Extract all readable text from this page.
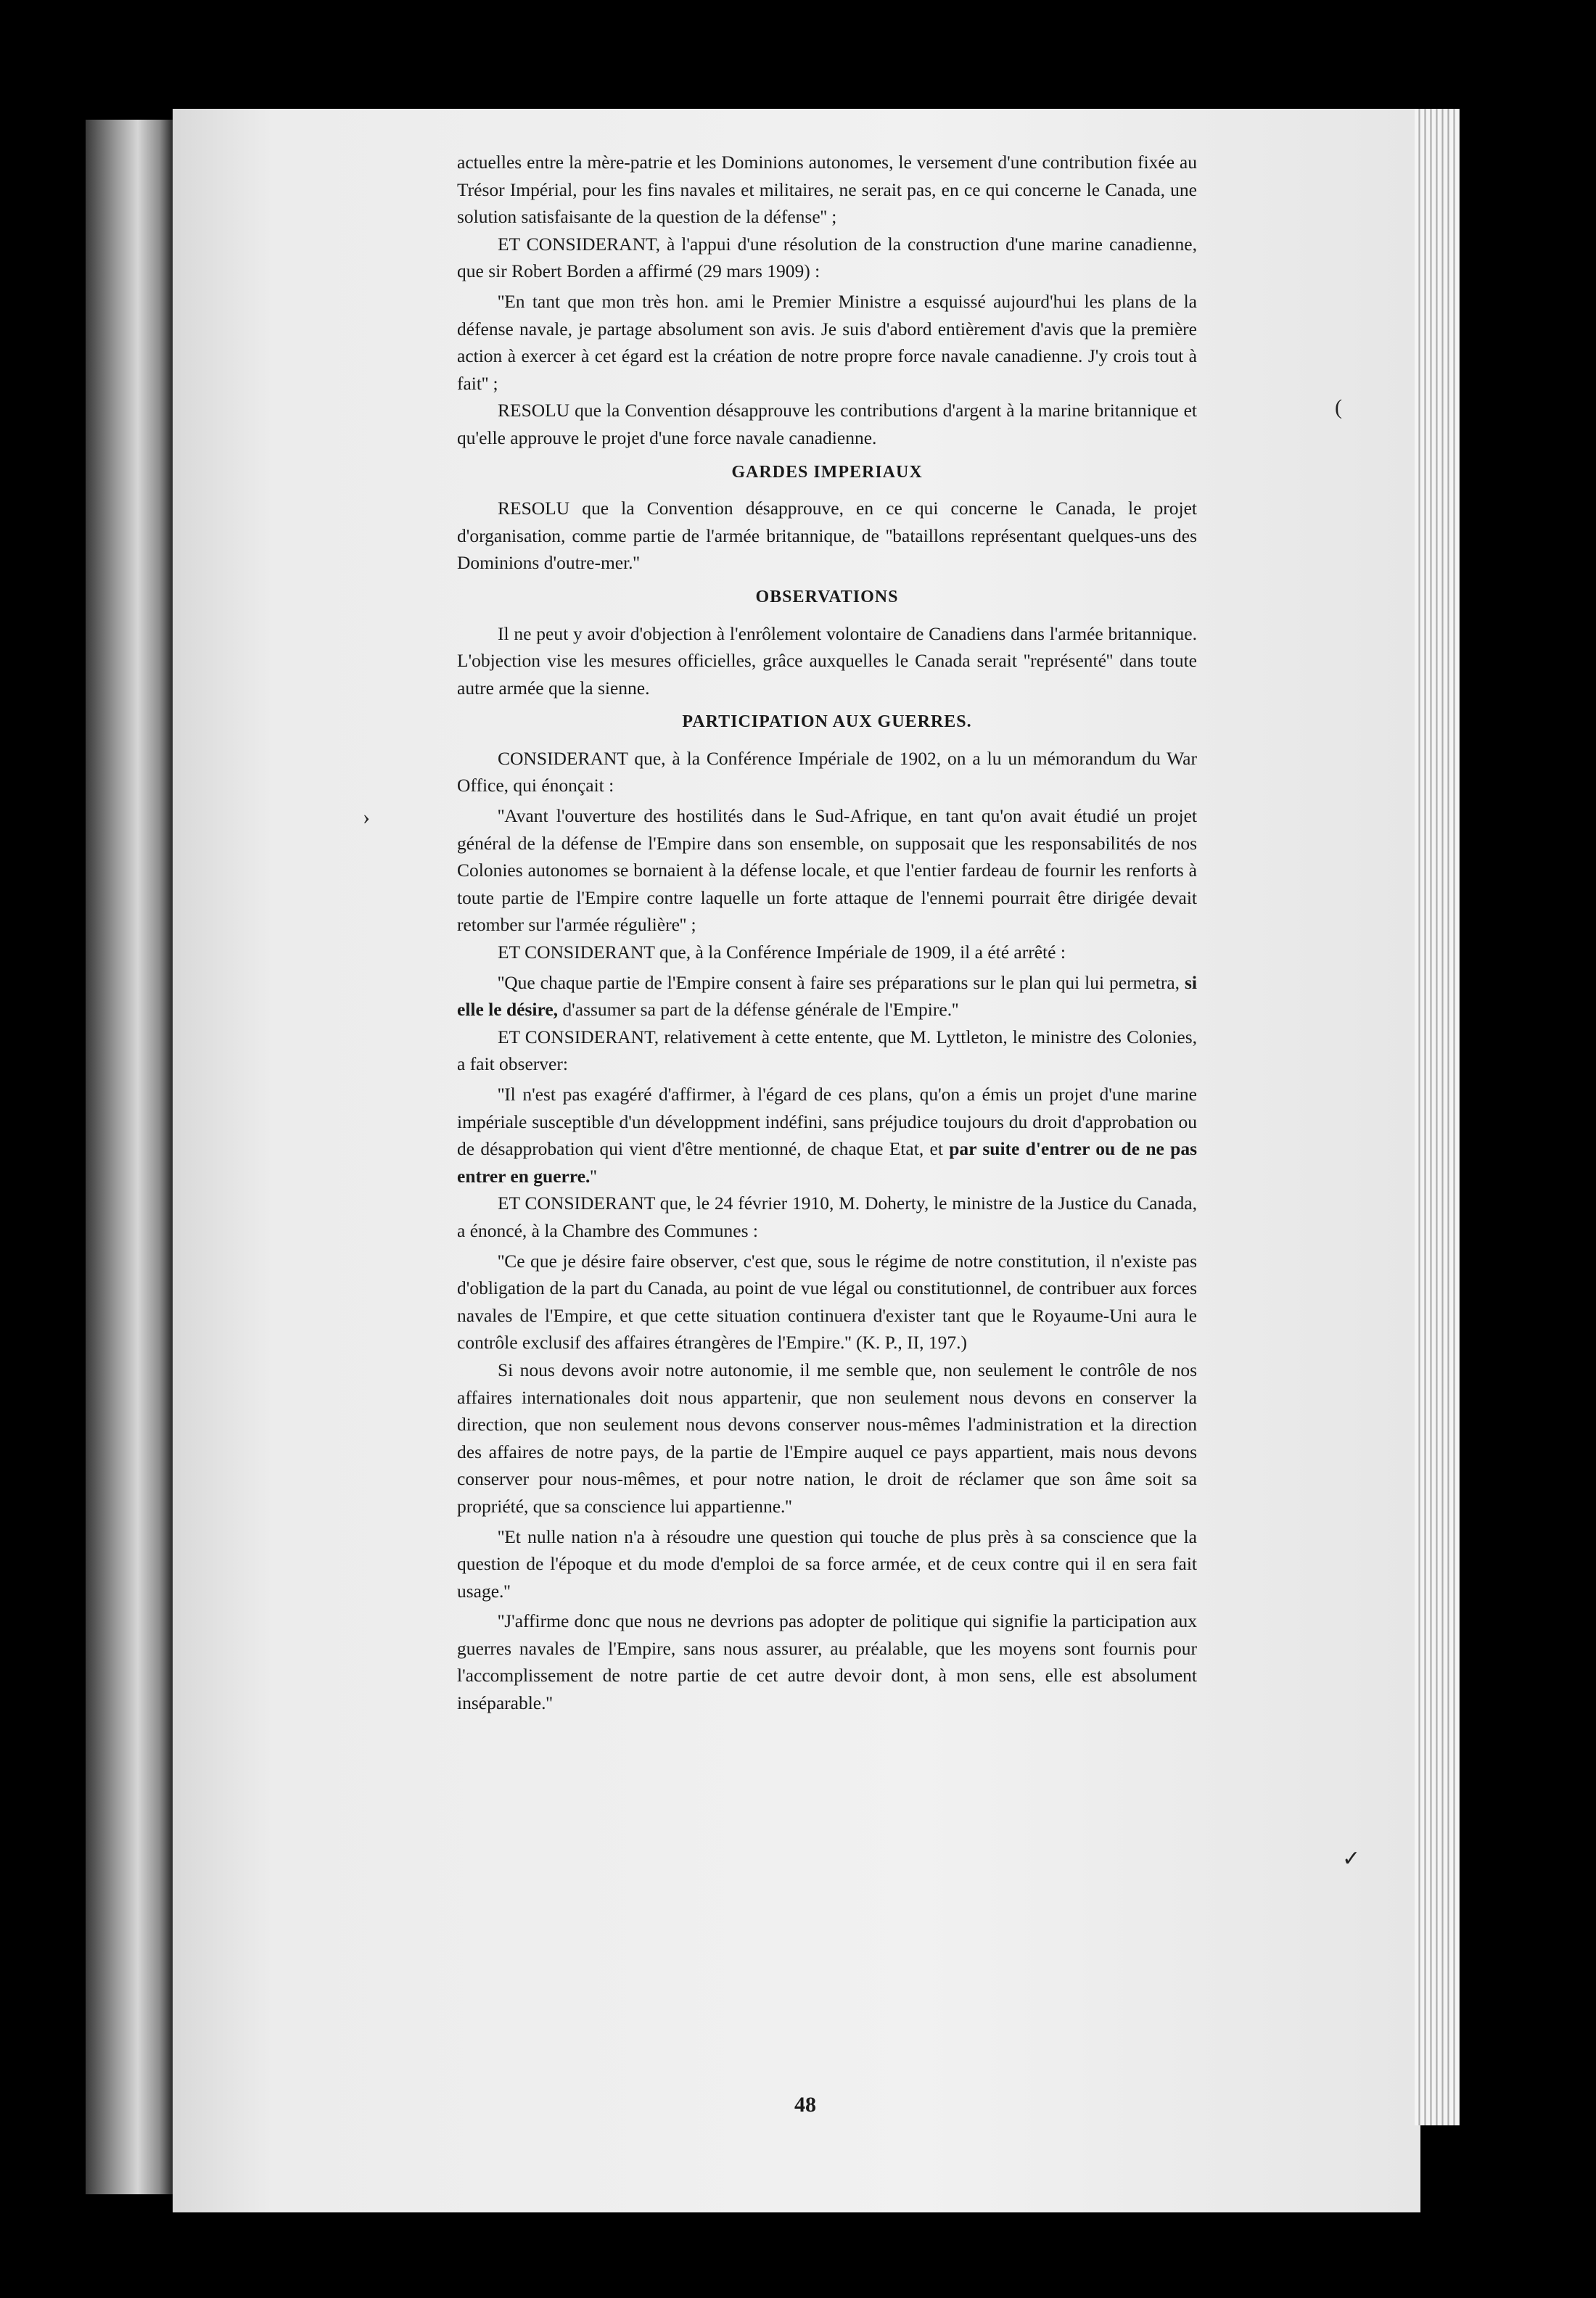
actuelles entre la mère-patrie et les Dominions autonomes, le versement d'une contribution fixée au Trésor Impérial, pour les fins navales et militaires, ne serait pas, en ce qui concerne le Canada, une solution satisfaisante de la question de la défense'' ;

ET CONSIDERANT, à l'appui d'une résolution de la construction d'une marine canadienne, que sir Robert Borden a affirmé (29 mars 1909) :

''En tant que mon très hon. ami le Premier Ministre a esquissé aujourd'hui les plans de la défense navale, je partage absolument son avis. Je suis d'abord entièrement d'avis que la première action à exercer à cet égard est la création de notre propre force navale canadienne. J'y crois tout à fait'' ;

RESOLU que la Convention désapprouve les contributions d'argent à la marine britannique et qu'elle approuve le projet d'une force navale canadienne.

GARDES IMPERIAUX

RESOLU que la Convention désapprouve, en ce qui concerne le Canada, le projet d'organisation, comme partie de l'armée britannique, de ''bataillons représentant quelques-uns des Dominions d'outre-mer.''

OBSERVATIONS

Il ne peut y avoir d'objection à l'enrôlement volontaire de Canadiens dans l'armée britannique. L'objection vise les mesures officielles, grâce auxquelles le Canada serait ''représenté'' dans toute autre armée que la sienne.

PARTICIPATION AUX GUERRES.

CONSIDERANT que, à la Conférence Impériale de 1902, on a lu un mémorandum du War Office, qui énonçait :

''Avant l'ouverture des hostilités dans le Sud-Afrique, en tant qu'on avait étudié un projet général de la défense de l'Empire dans son ensemble, on supposait que les responsabilités de nos Colonies autonomes se bornaient à la défense locale, et que l'entier fardeau de fournir les renforts à toute partie de l'Empire contre laquelle un forte attaque de l'ennemi pourrait être dirigée devait retomber sur l'armée régulière'' ;

ET CONSIDERANT que, à la Conférence Impériale de 1909, il a été arrêté :

''Que chaque partie de l'Empire consent à faire ses préparations sur le plan qui lui permetra, si elle le désire, d'assumer sa part de la défense générale de l'Empire.''

ET CONSIDERANT, relativement à cette entente, que M. Lyttleton, le ministre des Colonies, a fait observer:

''Il n'est pas exagéré d'affirmer, à l'égard de ces plans, qu'on a émis un projet d'une marine impériale susceptible d'un développment indéfini, sans préjudice toujours du droit d'approbation ou de désapprobation qui vient d'être mentionné, de chaque Etat, et par suite d'entrer ou de ne pas entrer en guerre.''

ET CONSIDERANT que, le 24 février 1910, M. Doherty, le ministre de la Justice du Canada, a énoncé, à la Chambre des Communes :

''Ce que je désire faire observer, c'est que, sous le régime de notre constitution, il n'existe pas d'obligation de la part du Canada, au point de vue légal ou constitutionnel, de contribuer aux forces navales de l'Empire, et que cette situation continuera d'exister tant que le Royaume-Uni aura le contrôle exclusif des affaires étrangères de l'Empire.'' (K. P., II, 197.)

Si nous devons avoir notre autonomie, il me semble que, non seulement le contrôle de nos affaires internationales doit nous appartenir, que non seulement nous devons en conserver la direction, que non seulement nous devons conserver nous-mêmes l'administration et la direction des affaires de notre pays, de la partie de l'Empire auquel ce pays appartient, mais nous devons conserver pour nous-mêmes, et pour notre nation, le droit de réclamer que son âme soit sa propriété, que sa conscience lui appartienne.''

''Et nulle nation n'a à résoudre une question qui touche de plus près à sa conscience que la question de l'époque et du mode d'emploi de sa force armée, et de ceux contre qui il en sera fait usage.''

''J'affirme donc que nous ne devrions pas adopter de politique qui signifie la participation aux guerres navales de l'Empire, sans nous assurer, au préalable, que les moyens sont fournis pour l'accomplissement de notre partie de cet autre devoir dont, à mon sens, elle est absolument inséparable.''

48
(
✓
›
